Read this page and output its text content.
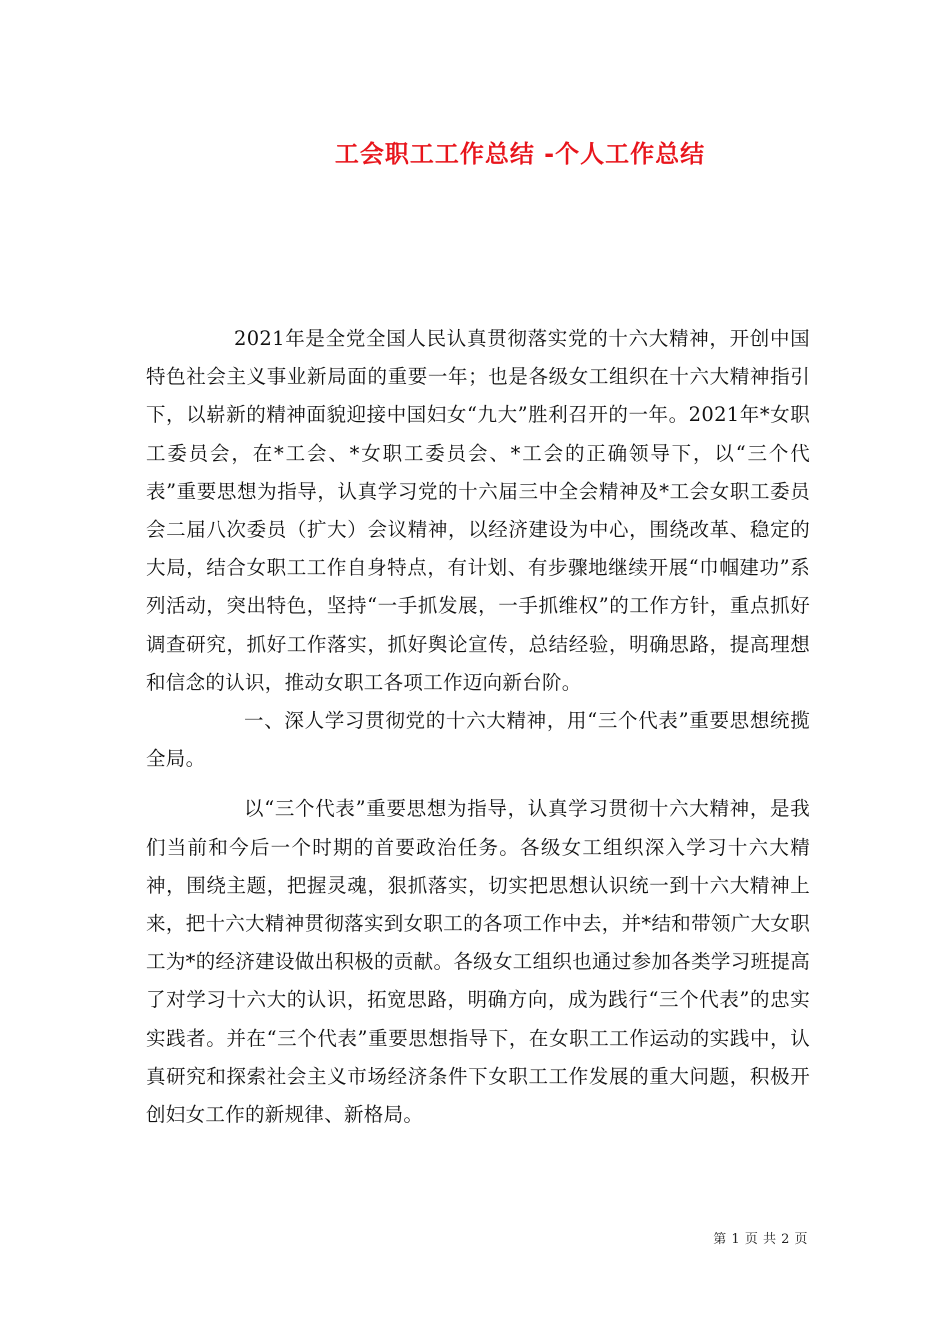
工会职工工作总结 -个人工作总结

2021年是全党全国人民认真贯彻落实党的十六大精神，开创中国特色社会主义事业新局面的重要一年；也是各级女工组织在十六大精神指引下，以崭新的精神面貌迎接中国妇女“九大”胜利召开的一年。2021年*女职工委员会，在*工会、*女职工委员会、*工会的正确领导下，以“三个代表”重要思想为指导，认真学习党的十六届三中全会精神及*工会女职工委员会二届八次委员（扩大）会议精神，以经济建设为中心，围绕改革、稳定的大局，结合女职工工作自身特点，有计划、有步骤地继续开展“巾帼建功”系列活动，突出特色，坚持“一手抓发展，一手抓维权”的工作方针，重点抓好调查研究，抓好工作落实，抓好舆论宣传，总结经验，明确思路，提高理想和信念的认识，推动女职工各项工作迈向新台阶。

一、深人学习贯彻党的十六大精神，用“三个代表”重要思想统揽全局。

以“三个代表”重要思想为指导，认真学习贯彻十六大精神，是我们当前和今后一个时期的首要政治任务。各级女工组织深入学习十六大精神，围绕主题，把握灵魂，狠抓落实，切实把思想认识统一到十六大精神上来，把十六大精神贯彻落实到女职工的各项工作中去，并*结和带领广大女职工为*的经济建设做出积极的贡献。各级女工组织也通过参加各类学习班提高了对学习十六大的认识，拓宽思路，明确方向，成为践行“三个代表”的忠实实践者。并在“三个代表”重要思想指导下，在女职工工作运动的实践中，认真研究和探索社会主义市场经济条件下女职工工作发展的重大问题，积极开创妇女工作的新规律、新格局。

第 1 页 共 2 页
